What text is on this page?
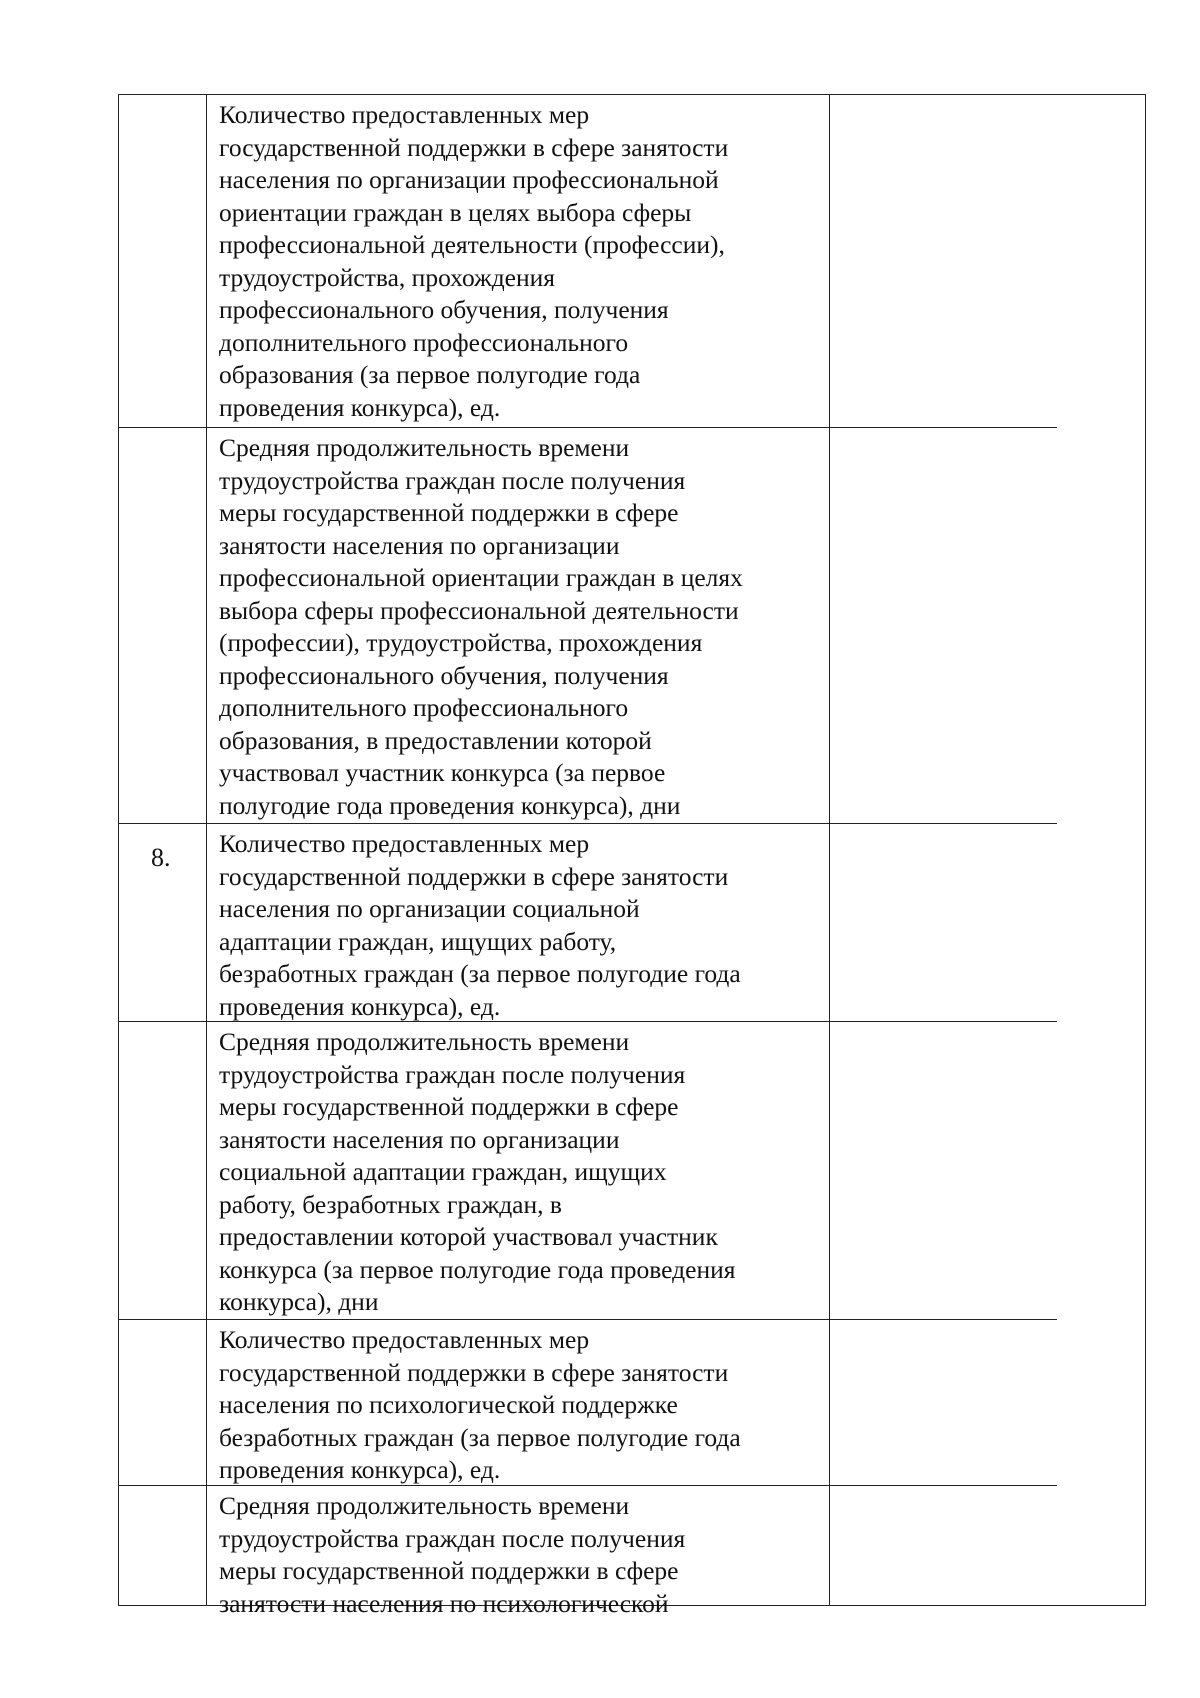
8.
Количество предоставленных мер
государственной поддержки в сфере занятости
населения по организации профессиональной
ориентации граждан в целях выбора сферы
профессиональной деятельности (профессии),
трудоустройства, прохождения
профессионального обучения, получения
дополнительного профессионального
образования (за первое полугодие года
проведения конкурса), ед.
Средняя продолжительность времени
трудоустройства граждан после получения
меры государственной поддержки в сфере
занятости населения по организации
профессиональной ориентации граждан в целях
выбора сферы профессиональной деятельности
(профессии), трудоустройства, прохождения
профессионального обучения, получения
дополнительного профессионального
образования, в предоставлении которой
участвовал участник конкурса (за первое
полугодие года проведения конкурса), дни
Количество предоставленных мер
государственной поддержки в сфере занятости
населения по организации социальной
адаптации граждан, ищущих работу,
безработных граждан (за первое полугодие года
проведения конкурса), ед.
Средняя продолжительность времени
трудоустройства граждан после получения
меры государственной поддержки в сфере
занятости населения по организации
социальной адаптации граждан, ищущих
работу, безработных граждан, в
предоставлении которой участвовал участник
конкурса (за первое полугодие года проведения
конкурса), дни
Количество предоставленных мер
государственной поддержки в сфере занятости
населения по психологической поддержке
безработных граждан (за первое полугодие года
проведения конкурса), ед.
Средняя продолжительность времени
трудоустройства граждан после получения
меры государственной поддержки в сфере
занятости населения по психологической
